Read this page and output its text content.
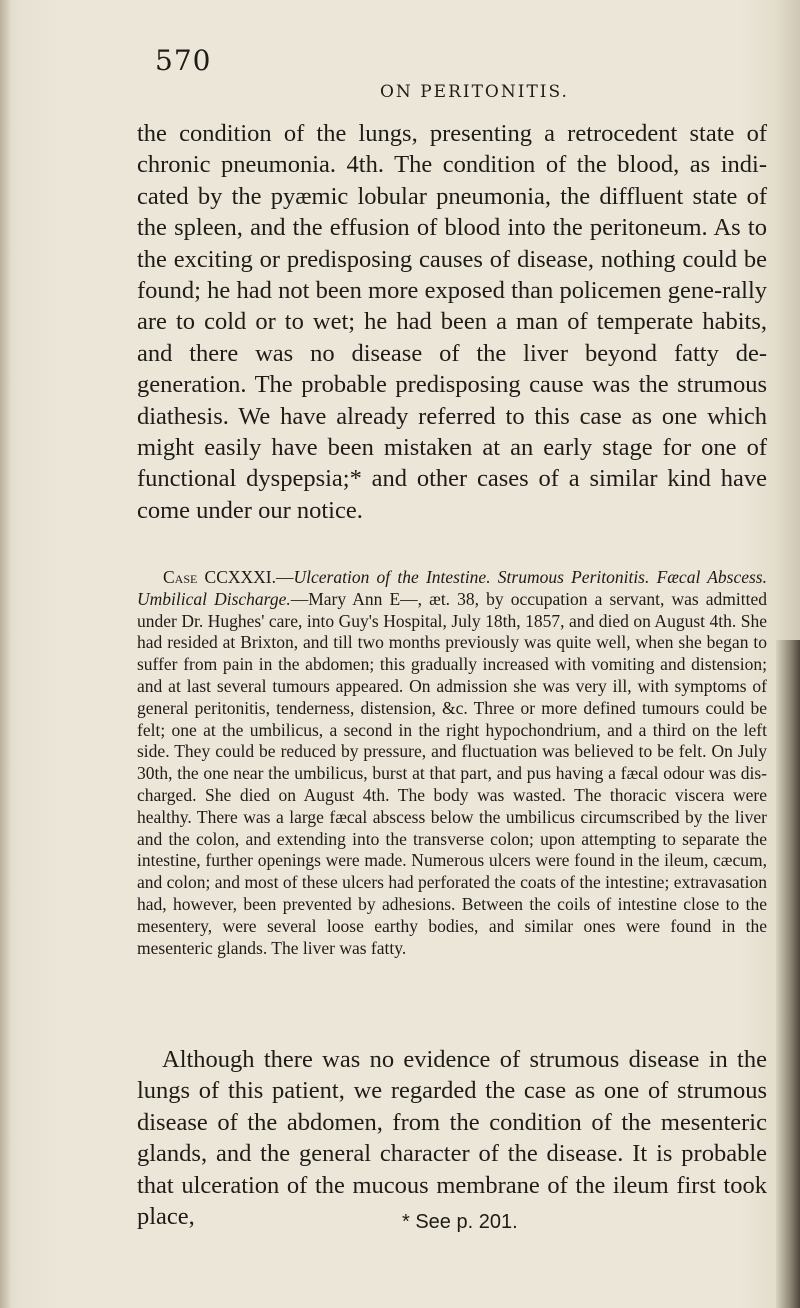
570
ON PERITONITIS.

the condition of the lungs, presenting a retrocedent state of chronic pneumonia. 4th. The condition of the blood, as indi-cated by the pyæmic lobular pneumonia, the diffluent state of the spleen, and the effusion of blood into the peritoneum. As to the exciting or predisposing causes of disease, nothing could be found; he had not been more exposed than policemen gene-rally are to cold or to wet; he had been a man of temperate habits, and there was no disease of the liver beyond fatty de-generation. The probable predisposing cause was the strumous diathesis. We have already referred to this case as one which might easily have been mistaken at an early stage for one of functional dyspepsia;* and other cases of a similar kind have come under our notice.

Case CCXXXI.—Ulceration of the Intestine. Strumous Peritonitis. Fæcal Abscess. Umbilical Discharge.—Mary Ann E—, æt. 38, by occupation a servant, was admitted under Dr. Hughes' care, into Guy's Hospital, July 18th, 1857, and died on August 4th. She had resided at Brixton, and till two months previously was quite well, when she began to suffer from pain in the abdomen; this gradually increased with vomiting and distension; and at last several tumours appeared. On admission she was very ill, with symptoms of general peritonitis, tenderness, distension, &c. Three or more defined tumours could be felt; one at the umbilicus, a second in the right hypochondrium, and a third on the left side. They could be reduced by pressure, and fluctuation was believed to be felt. On July 30th, the one near the umbilicus, burst at that part, and pus having a fæcal odour was dis-charged. She died on August 4th. The body was wasted. The thoracic viscera were healthy. There was a large fæcal abscess below the umbilicus circumscribed by the liver and the colon, and extending into the transverse colon; upon attempting to separate the intestine, further openings were made. Numerous ulcers were found in the ileum, cæcum, and colon; and most of these ulcers had perforated the coats of the intestine; extravasation had, however, been prevented by adhesions. Between the coils of intestine close to the mesentery, were several loose earthy bodies, and similar ones were found in the mesenteric glands. The liver was fatty.

Although there was no evidence of strumous disease in the lungs of this patient, we regarded the case as one of strumous disease of the abdomen, from the condition of the mesenteric glands, and the general character of the disease. It is probable that ulceration of the mucous membrane of the ileum first took place,	* See p. 201.
